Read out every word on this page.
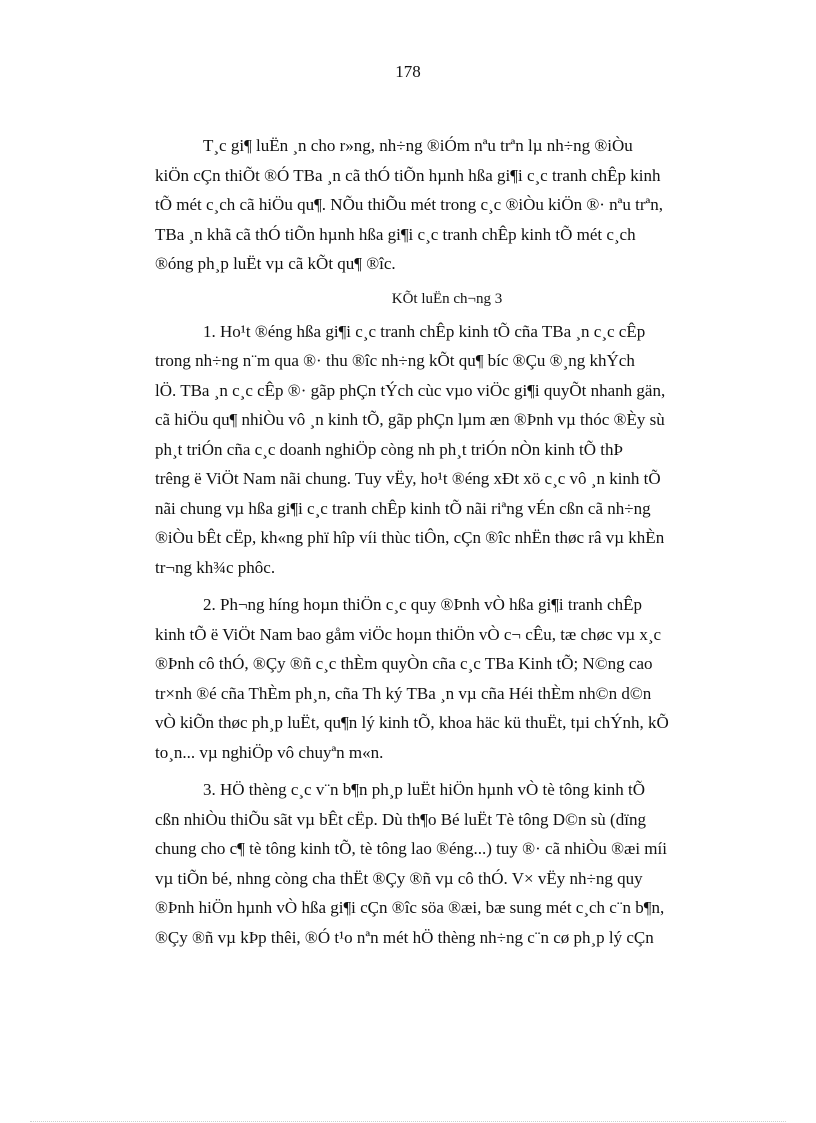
178
T¸c gi¶ luËn ¸n cho r»ng, nh÷ng ®iÓm nªu trªn lµ nh÷ng ®iÒu
kiÖn cÇn thiÕt ®Ó TBa ¸n cã thÓ tiÕn hµnh hßa gi¶i c¸c tranh chÊp kinh
tÕ mét c¸ch cã hiÖu qu¶. NÕu thiÕu mét trong c¸c ®iÒu kiÖn ®· nªu trªn,
TBa ¸n khã cã thÓ tiÕn hµnh hßa gi¶i c¸c tranh chÊp kinh tÕ mét c¸ch
®óng ph¸p luËt vµ cã kÕt qu¶ ®îc.
KÕt luËn ch¬ng 3
1. Ho¹t ®éng hßa gi¶i c¸c tranh chÊp kinh tÕ cña TBa ¸n c¸c cÊp
trong nh÷ng n¨m qua ®· thu ®îc nh÷ng kÕt qu¶ bíc ®Çu ®¸ng khÝch
lÖ. TBa ¸n c¸c cÊp ®· gãp phÇn tÝch cùc vµo viÖc gi¶i quyÕt nhanh gän,
cã hiÖu qu¶ nhiÒu vô ¸n kinh tÕ, gãp phÇn lµm æn ®Þnh vµ thóc ®Èy sù
ph¸t triÓn cña c¸c doanh nghiÖp còng nh ph¸t triÓn nÒn kinh tÕ thÞ
trêng ë ViÖt Nam nãi chung. Tuy vËy, ho¹t ®éng xÐt xö c¸c vô ¸n kinh tÕ
nãi chung vµ hßa gi¶i c¸c tranh chÊp kinh tÕ nãi riªng vÉn cßn cã nh÷ng
®iÒu bÊt cËp, kh«ng phï hîp víi thùc tiÔn, cÇn ®îc nhËn thøc râ vµ khÈn
tr¬ng kh¾c phôc.
2. Ph¬ng híng hoµn thiÖn c¸c quy ®Þnh vÒ hßa gi¶i tranh chÊp
kinh tÕ ë ViÖt Nam bao gåm viÖc hoµn thiÖn vÒ c¬ cÊu, tæ chøc vµ x¸c
®Þnh cô thÓ, ®Çy ®ñ c¸c thÈm quyÒn cña c¸c TBa Kinh tÕ; N©ng cao
tr×nh ®é cña ThÈm ph¸n, cña Th ký TBa ¸n vµ cña Héi thÈm nh©n d©n
vÒ kiÕn thøc ph¸p luËt, qu¶n lý kinh tÕ, khoa häc kü thuËt, tµi chÝnh, kÕ
to¸n... vµ nghiÖp vô chuyªn m«n.
3. HÖ thèng c¸c v¨n b¶n ph¸p luËt hiÖn hµnh vÒ tè tông kinh tÕ
cßn nhiÒu thiÕu sãt vµ bÊt cËp. Dù th¶o Bé luËt Tè tông D©n sù (dïng
chung cho c¶ tè tông kinh tÕ, tè tông lao ®éng...) tuy ®· cã nhiÒu ®æi míi
vµ tiÕn bé, nhng còng cha thËt ®Çy ®ñ vµ cô thÓ. V× vËy nh÷ng quy
®Þnh hiÖn hµnh vÒ hßa gi¶i cÇn ®îc söa ®æi, bæ sung mét c¸ch c¨n b¶n,
®Çy ®ñ vµ kÞp thêi, ®Ó t¹o nªn mét hÖ thèng nh÷ng c¨n cø ph¸p lý cÇn
